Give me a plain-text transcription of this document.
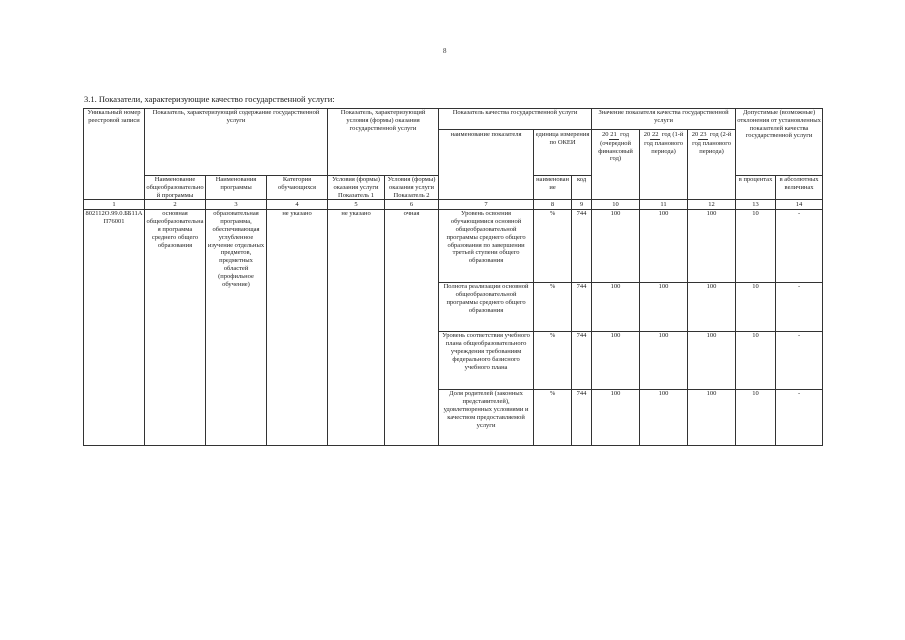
8
3.1. Показатели, характеризующие качество государственной услуги:
Уникальный номер реестровой записи	Показатель, характеризующий содержание государственной услуги			Показатель, характеризующий условия (формы) оказания государственной услуги		Показатель качества государственной услуги			Значение показателя качества государственной услуги			Допустимые (возможные) отклонения от установленных показателей качества государственной услуги	
						наименование показателя	единица измерения по ОКЕИ		20 21 год (очередной финансовый год)	20 22 год (1-й год планового периода)	20 23 год (2-й год планового периода)		
	Наименование общеобразовательной программы	Наименования программы	Категория обучающихся	Условия (формы) оказания услуги Показатель 1	Условия (формы) оказания услуги Показатель 2		наименование	код				в процентах	в абсолютных величинах

1	2	3	4	5	6	7	8	9	10	11	12	13	14
802112О.99.0.ББ11АП76001	основная общеобразовательная программа среднего общего образования	образовательная программа, обеспечивающая углубленное изучение отдельных предметов, предметных областей (профильное обучение)	не указано	не указано	очная	Уровень освоения обучающимися основной общеобразовательной программы среднего общего образования по завершении третьей ступени общего образования	%	744	100	100	100	10	-
						Полнота реализации основной общеобразовательной программы среднего общего образования	%	744	100	100	100	10	-
						Уровень соответствия учебного плана общеобразовательного учреждения требованиям федерального базисного учебного плана	%	744	100	100	100	10	-
						Доля родителей (законных представителей), удовлетворенных условиями и качеством предоставляемой услуги	%	744	100	100	100	10	-
